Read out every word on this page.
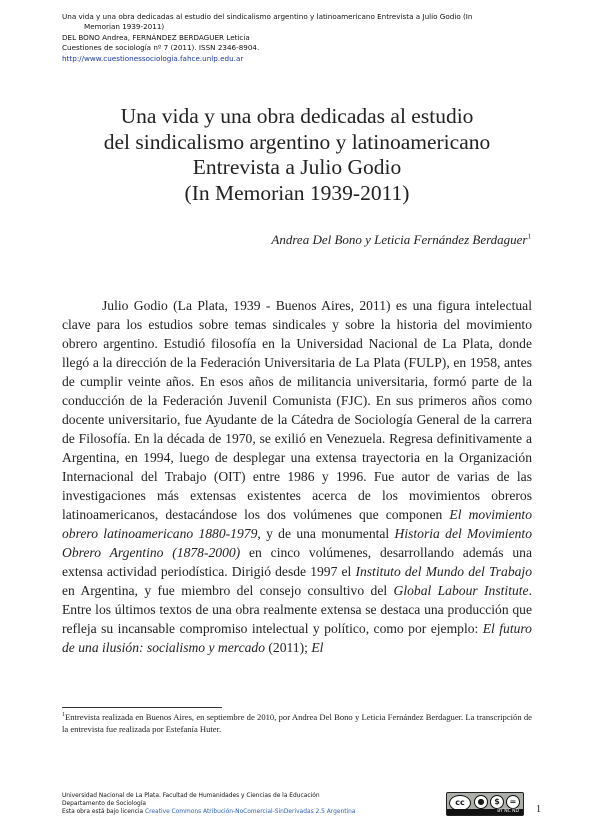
Una vida y una obra dedicadas al estudio del sindicalismo argentino y latinoamericano Entrevista a Julio Godio (In
Memorian 1939-2011)
DEL BONO Andrea, FERNÁNDEZ BERDAGUER Leticia
Cuestiones de sociología nº 7 (2011). ISSN 2346-8904.
http://www.cuestionessociologia.fahce.unlp.edu.ar
Una vida y una obra dedicadas al estudio
del sindicalismo argentino y latinoamericano
Entrevista a Julio Godio
(In Memorian 1939-2011)
Andrea Del Bono y Leticia Fernández Berdaguer$^1$

Julio Godio (La Plata, 1939 - Buenos Aires, 2011) es una figura intelectual clave para los estudios sobre temas sindicales y sobre la historia del movimiento obrero argentino. Estudió filosofía en la Universidad Nacional de La Plata, donde llegó a la dirección de la Federación Universitaria de La Plata (FULP), en 1958, antes de cumplir veinte años. En esos años de militancia universitaria, formó parte de la conducción de la Federación Juvenil Comunista (FJC). En sus primeros años como docente universitario, fue Ayudante de la Cátedra de Sociología General de la carrera de Filosofía. En la década de 1970, se exilió en Venezuela. Regresa definitivamente a Argentina, en 1994, luego de desplegar una extensa trayectoria en la Organización Internacional del Trabajo (OIT) entre 1986 y 1996. Fue autor de varias de las investigaciones más extensas existentes acerca de los movimientos obreros latinoamericanos, destacándose los dos volúmenes que componen El movimiento obrero latinoamericano 1880-1979, y de una monumental Historia del Movimiento Obrero Argentino (1878-2000) en cinco volúmenes, desarrollando además una extensa actividad periodística. Dirigió desde 1997 el Instituto del Mundo del Trabajo en Argentina, y fue miembro del consejo consultivo del Global Labour Institute. Entre los últimos textos de una obra realmente extensa se destaca una producción que refleja su incansable compromiso intelectual y político, como por ejemplo: El futuro de una ilusión: socialismo y mercado (2011); El

$^1$Entrevista realizada en Buenos Aires, en septiembre de 2010, por Andrea Del Bono y Leticia Fernández Berdaguer. La transcripción de la entrevista fue realizada por Estefanía Huter.
Universidad Nacional de La Plata. Facultad de Humanidades y Ciencias de la Educación
Departamento de Sociología
Esta obra está bajo licencia Creative Commons Atribución-NoComercial-SinDerivadas 2.5 Argentina
cc	●	$	=
BY NC ND	1
